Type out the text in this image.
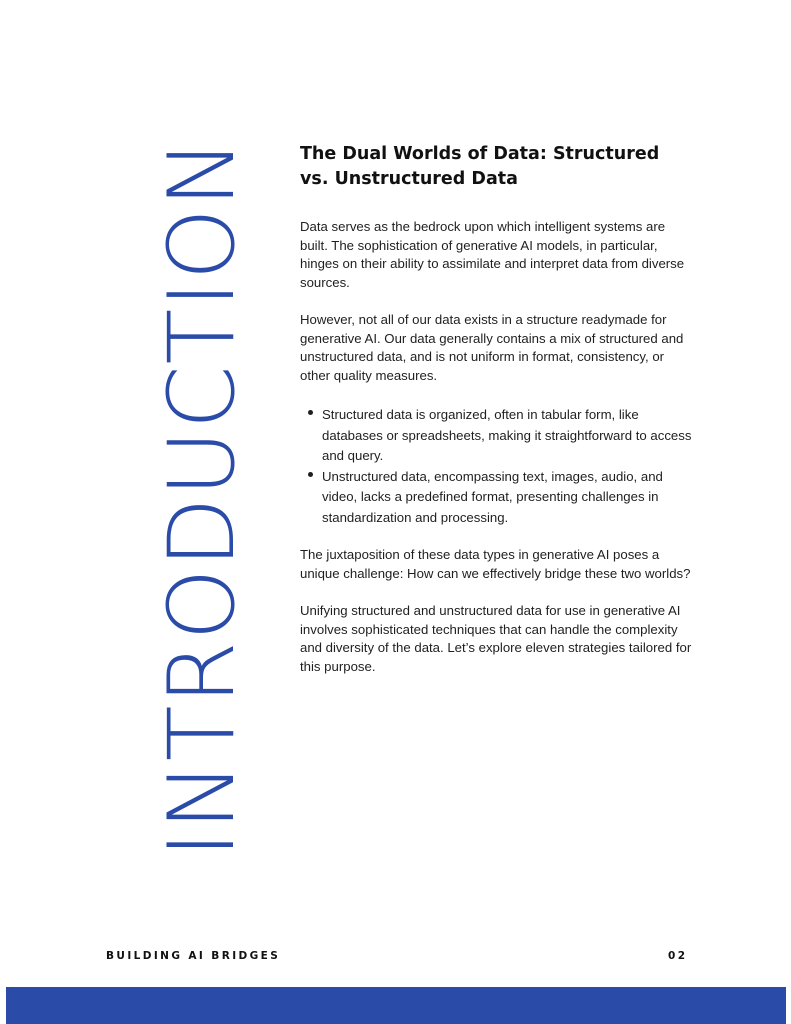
INTRODUCTION	The Dual Worlds of Data: Structured vs. Unstructured Data

Data serves as the bedrock upon which intelligent systems are built. The sophistication of generative AI models, in particular, hinges on their ability to assimilate and interpret data from diverse sources.

However, not all of our data exists in a structure readymade for generative AI. Our data generally contains a mix of structured and unstructured data, and is not uniform in format, consistency, or other quality measures.

Structured data is organized, often in tabular form, like databases or spreadsheets, making it straightforward to access and query.
Unstructured data, encompassing text, images, audio, and video, lacks a predefined format, presenting challenges in standardization and processing.

The juxtaposition of these data types in generative AI poses a unique challenge: How can we effectively bridge these two worlds?

Unifying structured and unstructured data for use in generative AI involves sophisticated techniques that can handle the complexity and diversity of the data. Let’s explore eleven strategies tailored for this purpose.

BUILDING AI BRIDGES	02
